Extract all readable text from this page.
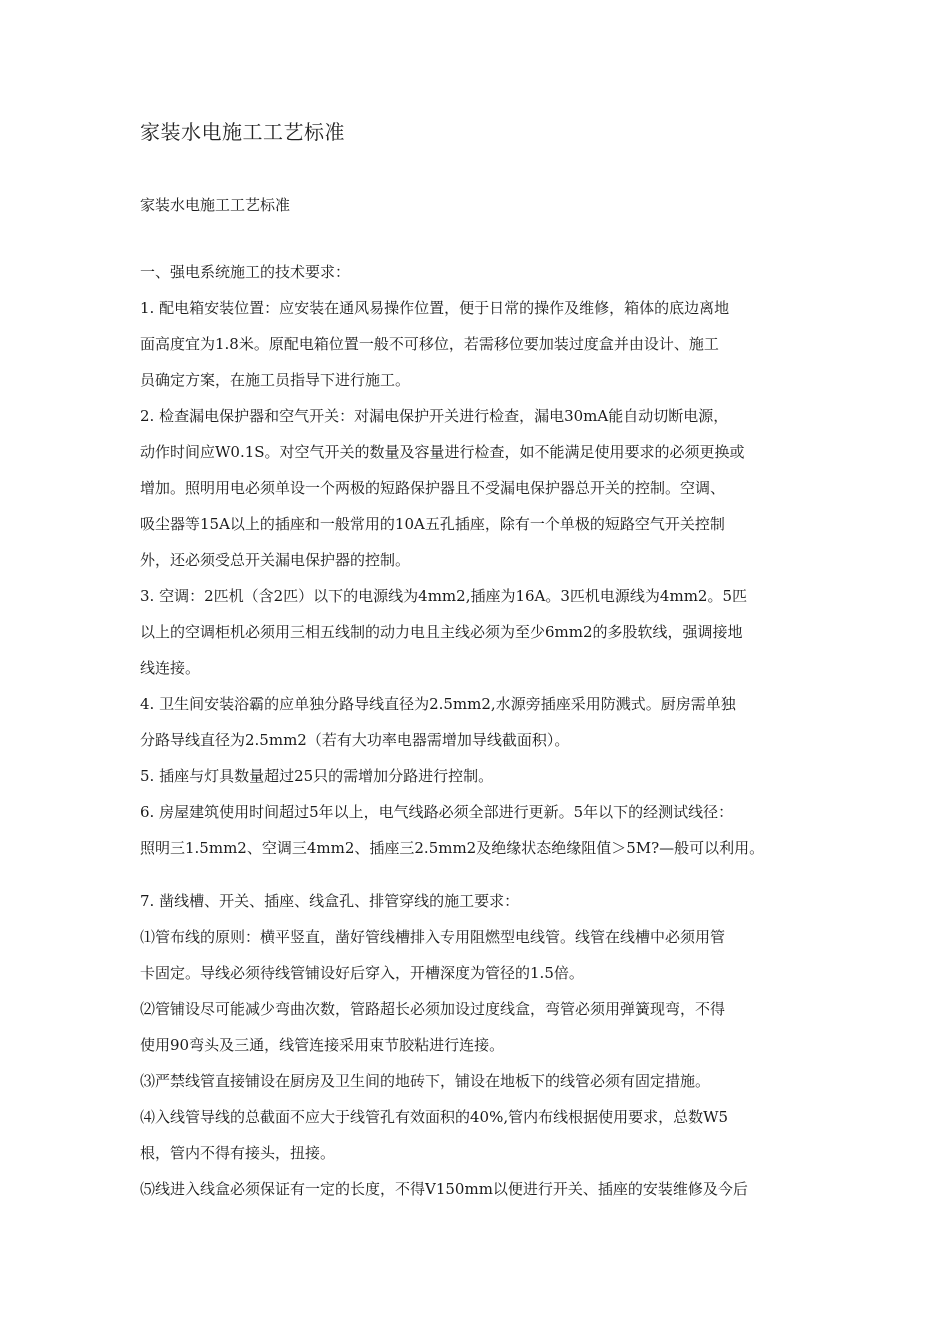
家装水电施工工艺标准
家装水电施工工艺标准

一、强电系统施工的技术要求：

1. 配电箱安装位置：应安装在通风易操作位置，便于日常的操作及维修，箱体的底边离地

面高度宜为1.8米。原配电箱位置一般不可移位，若需移位要加装过度盒并由设计、施工

员确定方案，在施工员指导下进行施工。

2. 检查漏电保护器和空气开关：对漏电保护开关进行检查，漏电30mA能自动切断电源，

动作时间应W0.1S。对空气开关的数量及容量进行检查，如不能满足使用要求的必须更换或

增加。照明用电必须单设一个两极的短路保护器且不受漏电保护器总开关的控制。空调、

吸尘器等15A以上的插座和一般常用的10A五孔插座，除有一个单极的短路空气开关控制

外，还必须受总开关漏电保护器的控制。

3. 空调：2匹机（含2匹）以下的电源线为4mm2,插座为16A。3匹机电源线为4mm2。5匹

以上的空调柜机必须用三相五线制的动力电且主线必须为至少6mm2的多股软线，强调接地

线连接。

4. 卫生间安装浴霸的应单独分路导线直径为2.5mm2,水源旁插座采用防溅式。厨房需单独

分路导线直径为2.5mm2（若有大功率电器需增加导线截面积）。

5. 插座与灯具数量超过25只的需增加分路进行控制。

6. 房屋建筑使用时间超过5年以上，电气线路必须全部进行更新。5年以下的经测试线径：

照明三1.5mm2、空调三4mm2、插座三2.5mm2及绝缘状态绝缘阻值＞5M?—般可以利用。

7. 凿线槽、开关、插座、线盒孔、排管穿线的施工要求：

⑴管布线的原则：横平竖直，凿好管线槽排入专用阻燃型电线管。线管在线槽中必须用管

卡固定。导线必须待线管铺设好后穿入，开槽深度为管径的1.5倍。

⑵管铺设尽可能减少弯曲次数，管路超长必须加设过度线盒，弯管必须用弹簧现弯，不得

使用90弯头及三通，线管连接采用束节胶粘进行连接。

⑶严禁线管直接铺设在厨房及卫生间的地砖下，铺设在地板下的线管必须有固定措施。

⑷入线管导线的总截面不应大于线管孔有效面积的40%,管内布线根据使用要求，总数W5

根，管内不得有接头，扭接。

⑸线进入线盒必须保证有一定的长度，不得V150mm以便进行开关、插座的安装维修及今后
